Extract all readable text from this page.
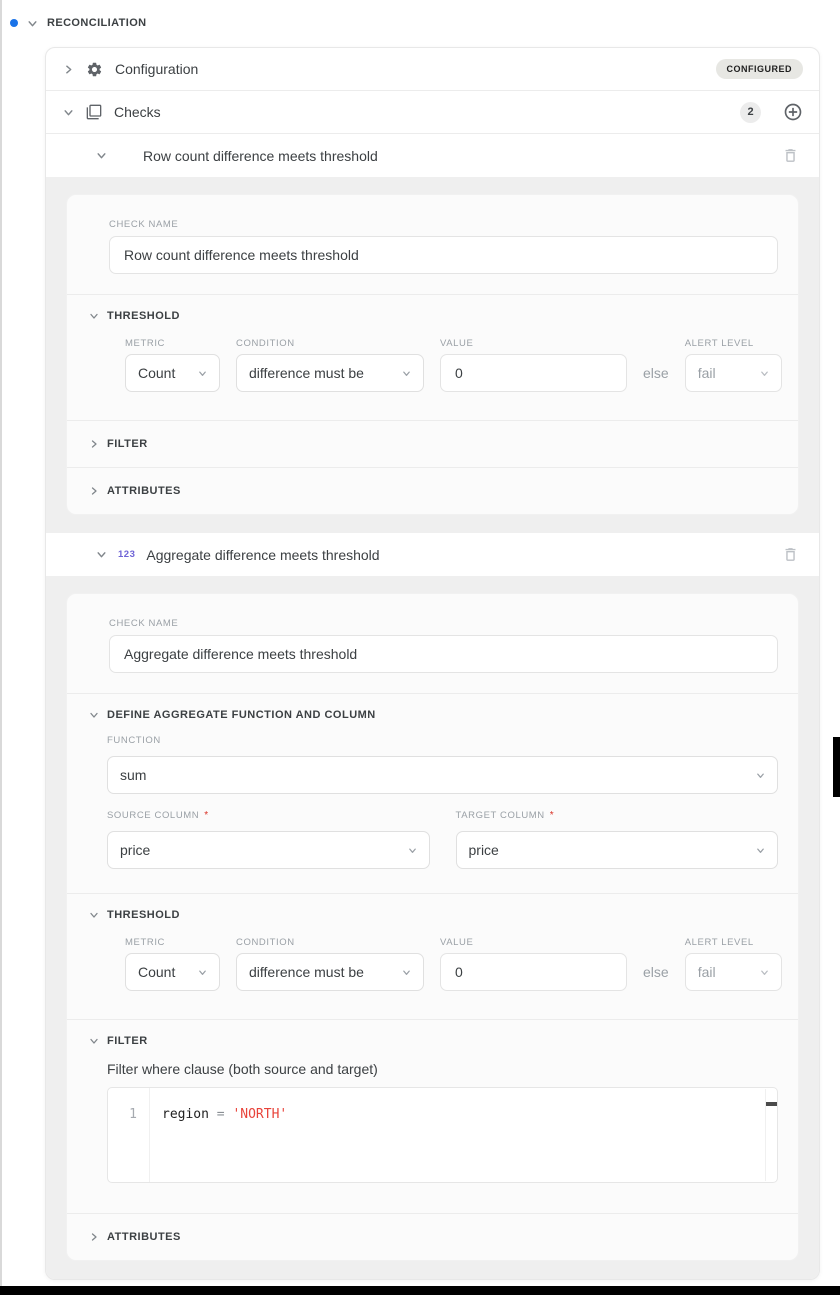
RECONCILIATION
Configuration	CONFIGURED
Checks	2
Row count difference meets threshold
CHECK NAME
Row count difference meets threshold
THRESHOLD
METRIC
Count
CONDITION
difference must be
VALUE
0
else
ALERT LEVEL
fail
FILTER
ATTRIBUTES
123 Aggregate difference meets threshold
CHECK NAME
Aggregate difference meets threshold
DEFINE AGGREGATE FUNCTION AND COLUMN
FUNCTION
sum
SOURCE COLUMN *
price
TARGET COLUMN *
price
THRESHOLD
METRIC
Count
CONDITION
difference must be
VALUE
0
else
ALERT LEVEL
fail
FILTER
Filter where clause (both source and target)
1	region = 'NORTH'
ATTRIBUTES
